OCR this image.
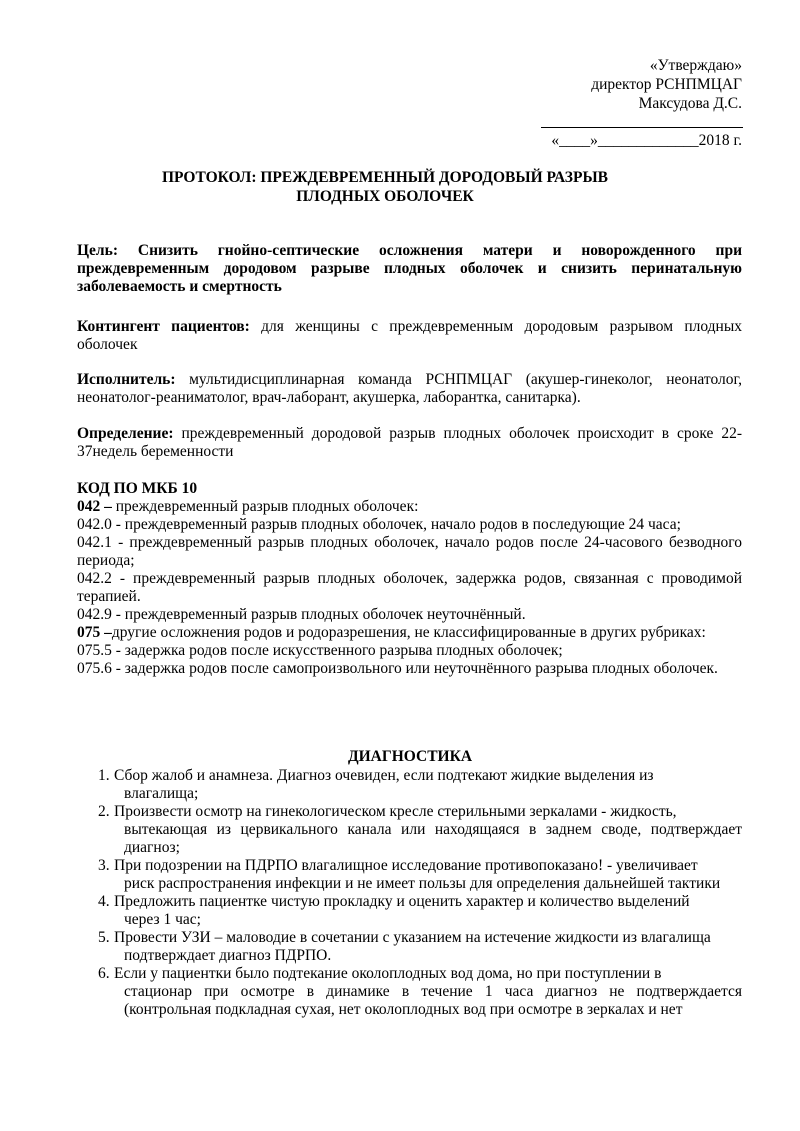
«Утверждаю»
директор РСНПМЦАГ
Максудова Д.С.
«____»_____________2018 г.
ПРОТОКОЛ: ПРЕЖДЕВРЕМЕННЫЙ ДОРОДОВЫЙ РАЗРЫВ
ПЛОДНЫХ ОБОЛОЧЕК
Цель: Снизить гнойно-септические осложнения матери и новорожденного при преждевременным дородовом разрыве плодных оболочек и снизить перинатальную заболеваемость и смертность
Контингент пациентов: для женщины с преждевременным дородовым разрывом плодных оболочек
Исполнитель: мультидисциплинарная команда РСНПМЦАГ (акушер-гинеколог, неонатолог, неонатолог-реаниматолог, врач-лаборант, акушерка, лаборантка, санитарка).
Определение: преждевременный дородовой разрыв плодных оболочек происходит в сроке 22-37недель беременности
КОД ПО МКБ 10
042 – преждевременный разрыв плодных оболочек:
042.0 - преждевременный разрыв плодных оболочек, начало родов в последующие 24 часа;
042.1 - преждевременный разрыв плодных оболочек, начало родов после 24-часового безводного периода;
042.2 - преждевременный разрыв плодных оболочек, задержка родов, связанная с проводимой терапией.
042.9 - преждевременный разрыв плодных оболочек неуточнённый.
075 –другие осложнения родов и родоразрешения, не классифицированные в других рубриках:
075.5 - задержка родов после искусственного разрыва плодных оболочек;
075.6 - задержка родов после самопроизвольного или неуточнённого разрыва плодных оболочек.
ДИАГНОСТИКА
1. Сбор жалоб и анамнеза. Диагноз очевиден, если подтекают жидкие выделения из
влагалища;
2. Произвести осмотр на гинекологическом кресле стерильными зеркалами - жидкость,
вытекающая из цервикального канала или находящаяся в заднем своде, подтверждает диагноз;
3. При подозрении на ПДРПО влагалищное исследование противопоказано! - увеличивает
риск распространения инфекции и не имеет пользы для определения дальнейшей тактики
4. Предложить пациентке чистую прокладку и оценить характер и количество выделений
через 1 час;
5. Провести УЗИ – маловодие в сочетании с указанием на истечение жидкости из влагалища
подтверждает диагноз ПДРПО.
6. Если у пациентки было подтекание околоплодных вод дома, но при поступлении в
стационар при осмотре в динамике в течение 1 часа диагноз не подтверждается (контрольная подкладная сухая, нет околоплодных вод при осмотре в зеркалах и нет
